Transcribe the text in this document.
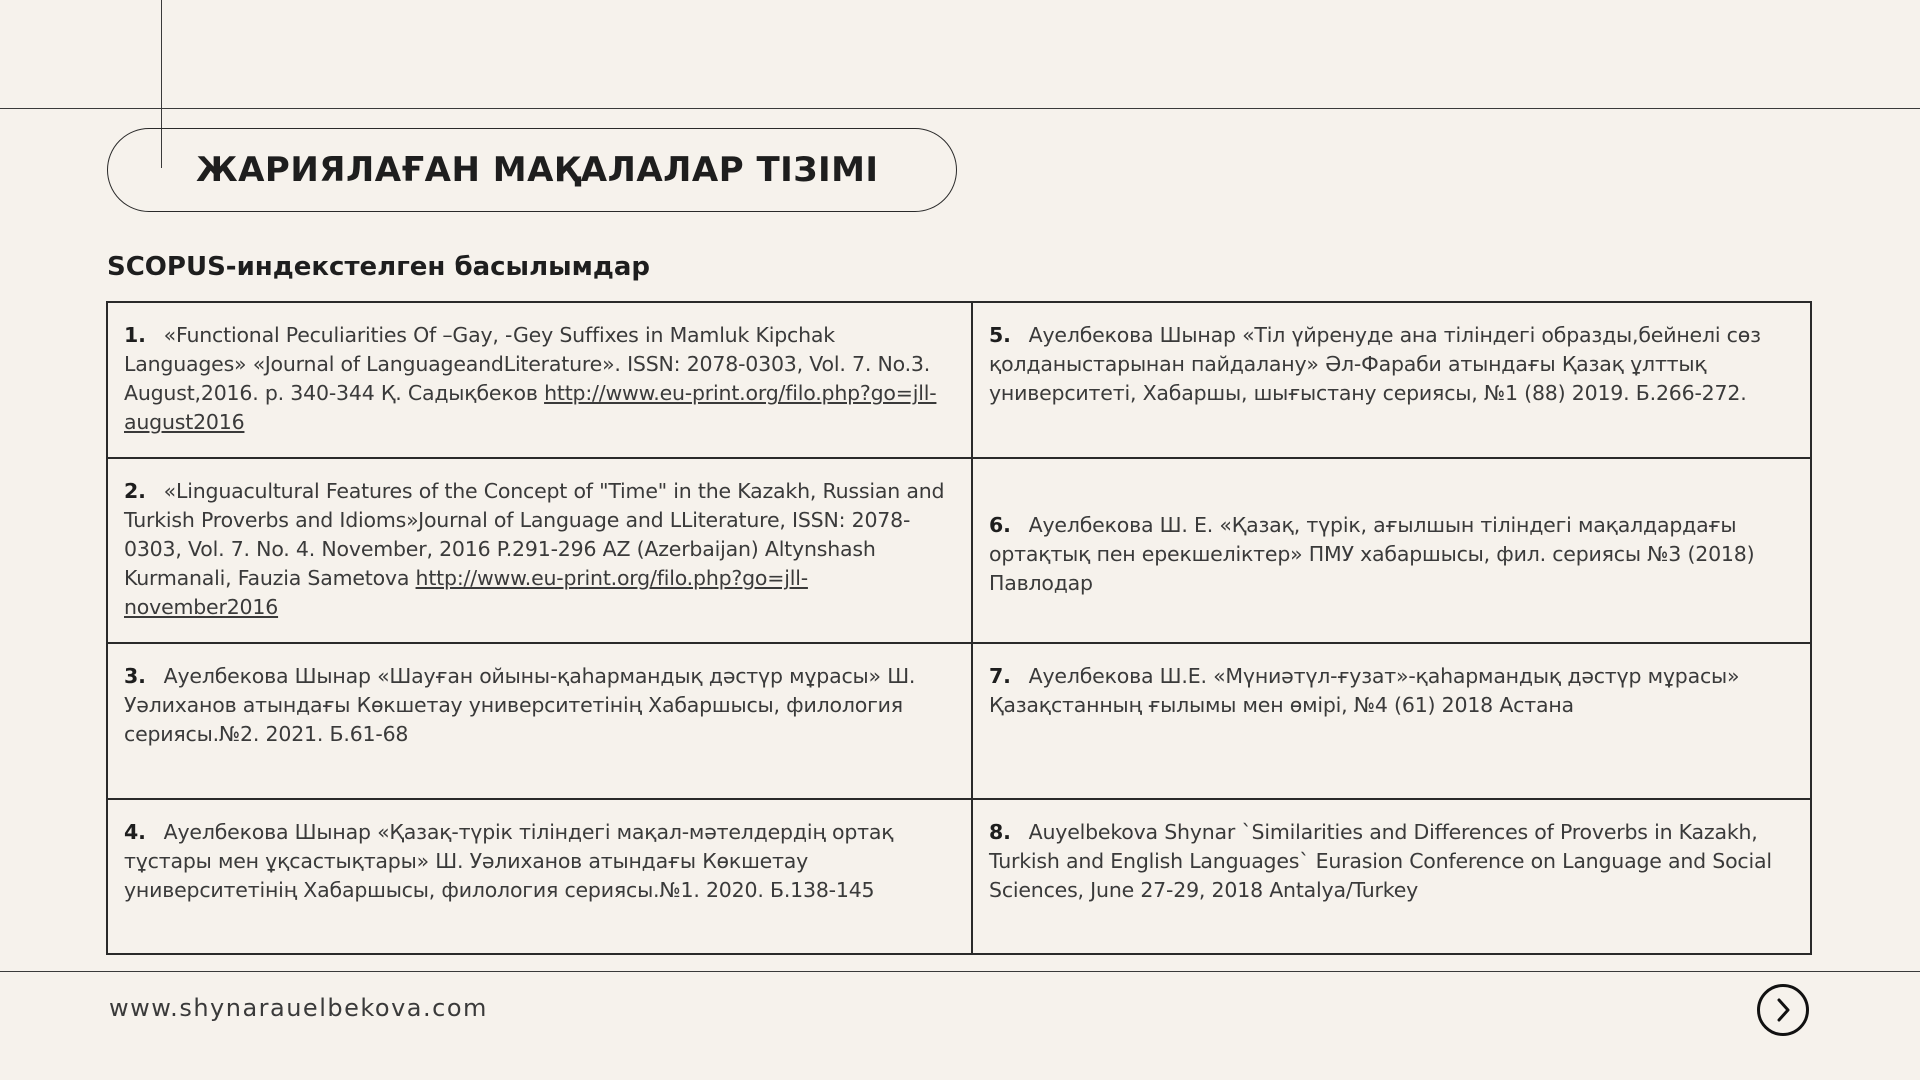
ЖАРИЯЛАҒАН МАҚАЛАЛАР ТІЗІМІ
SCOPUS-индекстелген басылымдар
1. «Functional Peculiarities Of –Gay, -Gey Suffixes in Mamluk Kipchak Languages» «Journal of LanguageandLiterature». ISSN: 2078-0303, Vol. 7. No.3. August,2016. p. 340-344 Қ. Садықбеков http://www.eu-print.org/filo.php?go=jll-august2016
5. Ауелбекова Шынар «Тіл үйренуде ана тіліндегі образды,бейнелі сөз қолданыстарынан пайдалану» Әл-Фараби атындағы Қазақ ұлттық университеті, Хабаршы, шығыстану сериясы, №1 (88) 2019. Б.266-272.
2. «Linguacultural Features of the Concept of "Time" in the Kazakh, Russian and Turkish Proverbs and Idioms»Journal of Language and LLiterature, ISSN: 2078-0303, Vol. 7. No. 4. November, 2016 P.291-296 AZ (Azerbaijan) Altynshash Kurmanali, Fauzia Sametova http://www.eu-print.org/filo.php?go=jll-november2016
6. Ауелбекова Ш. Е. «Қазақ, түрік, ағылшын тіліндегі мақалдардағы ортақтық пен ерекшеліктер» ПМУ хабаршысы, фил. сериясы №3 (2018) Павлодар
3. Ауелбекова Шынар «Шауған ойыны-қаһармандық дәстүр мұрасы» Ш. Уәлиханов атындағы Көкшетау университетінің Хабаршысы, филология сериясы.№2. 2021. Б.61-68
7. Ауелбекова Ш.Е. «Мүниәтүл-ғузат»-қаһармандық дәстүр мұрасы» Қазақстанның ғылымы мен өмірі, №4 (61) 2018 Астана
4. Ауелбекова Шынар «Қазақ-түрік тіліндегі мақал-мәтелдердің ортақ тұстары мен ұқсастықтары» Ш. Уәлиханов атындағы Көкшетау университетінің Хабаршысы, филология сериясы.№1. 2020. Б.138-145
8. Auyelbekova Shynar `Similarities and Differences of Proverbs in Kazakh, Turkish and English Languages` Eurasion Conference on Language and Social Sciences, June 27-29, 2018 Antalya/Turkey

www.shynarauelbekova.com
